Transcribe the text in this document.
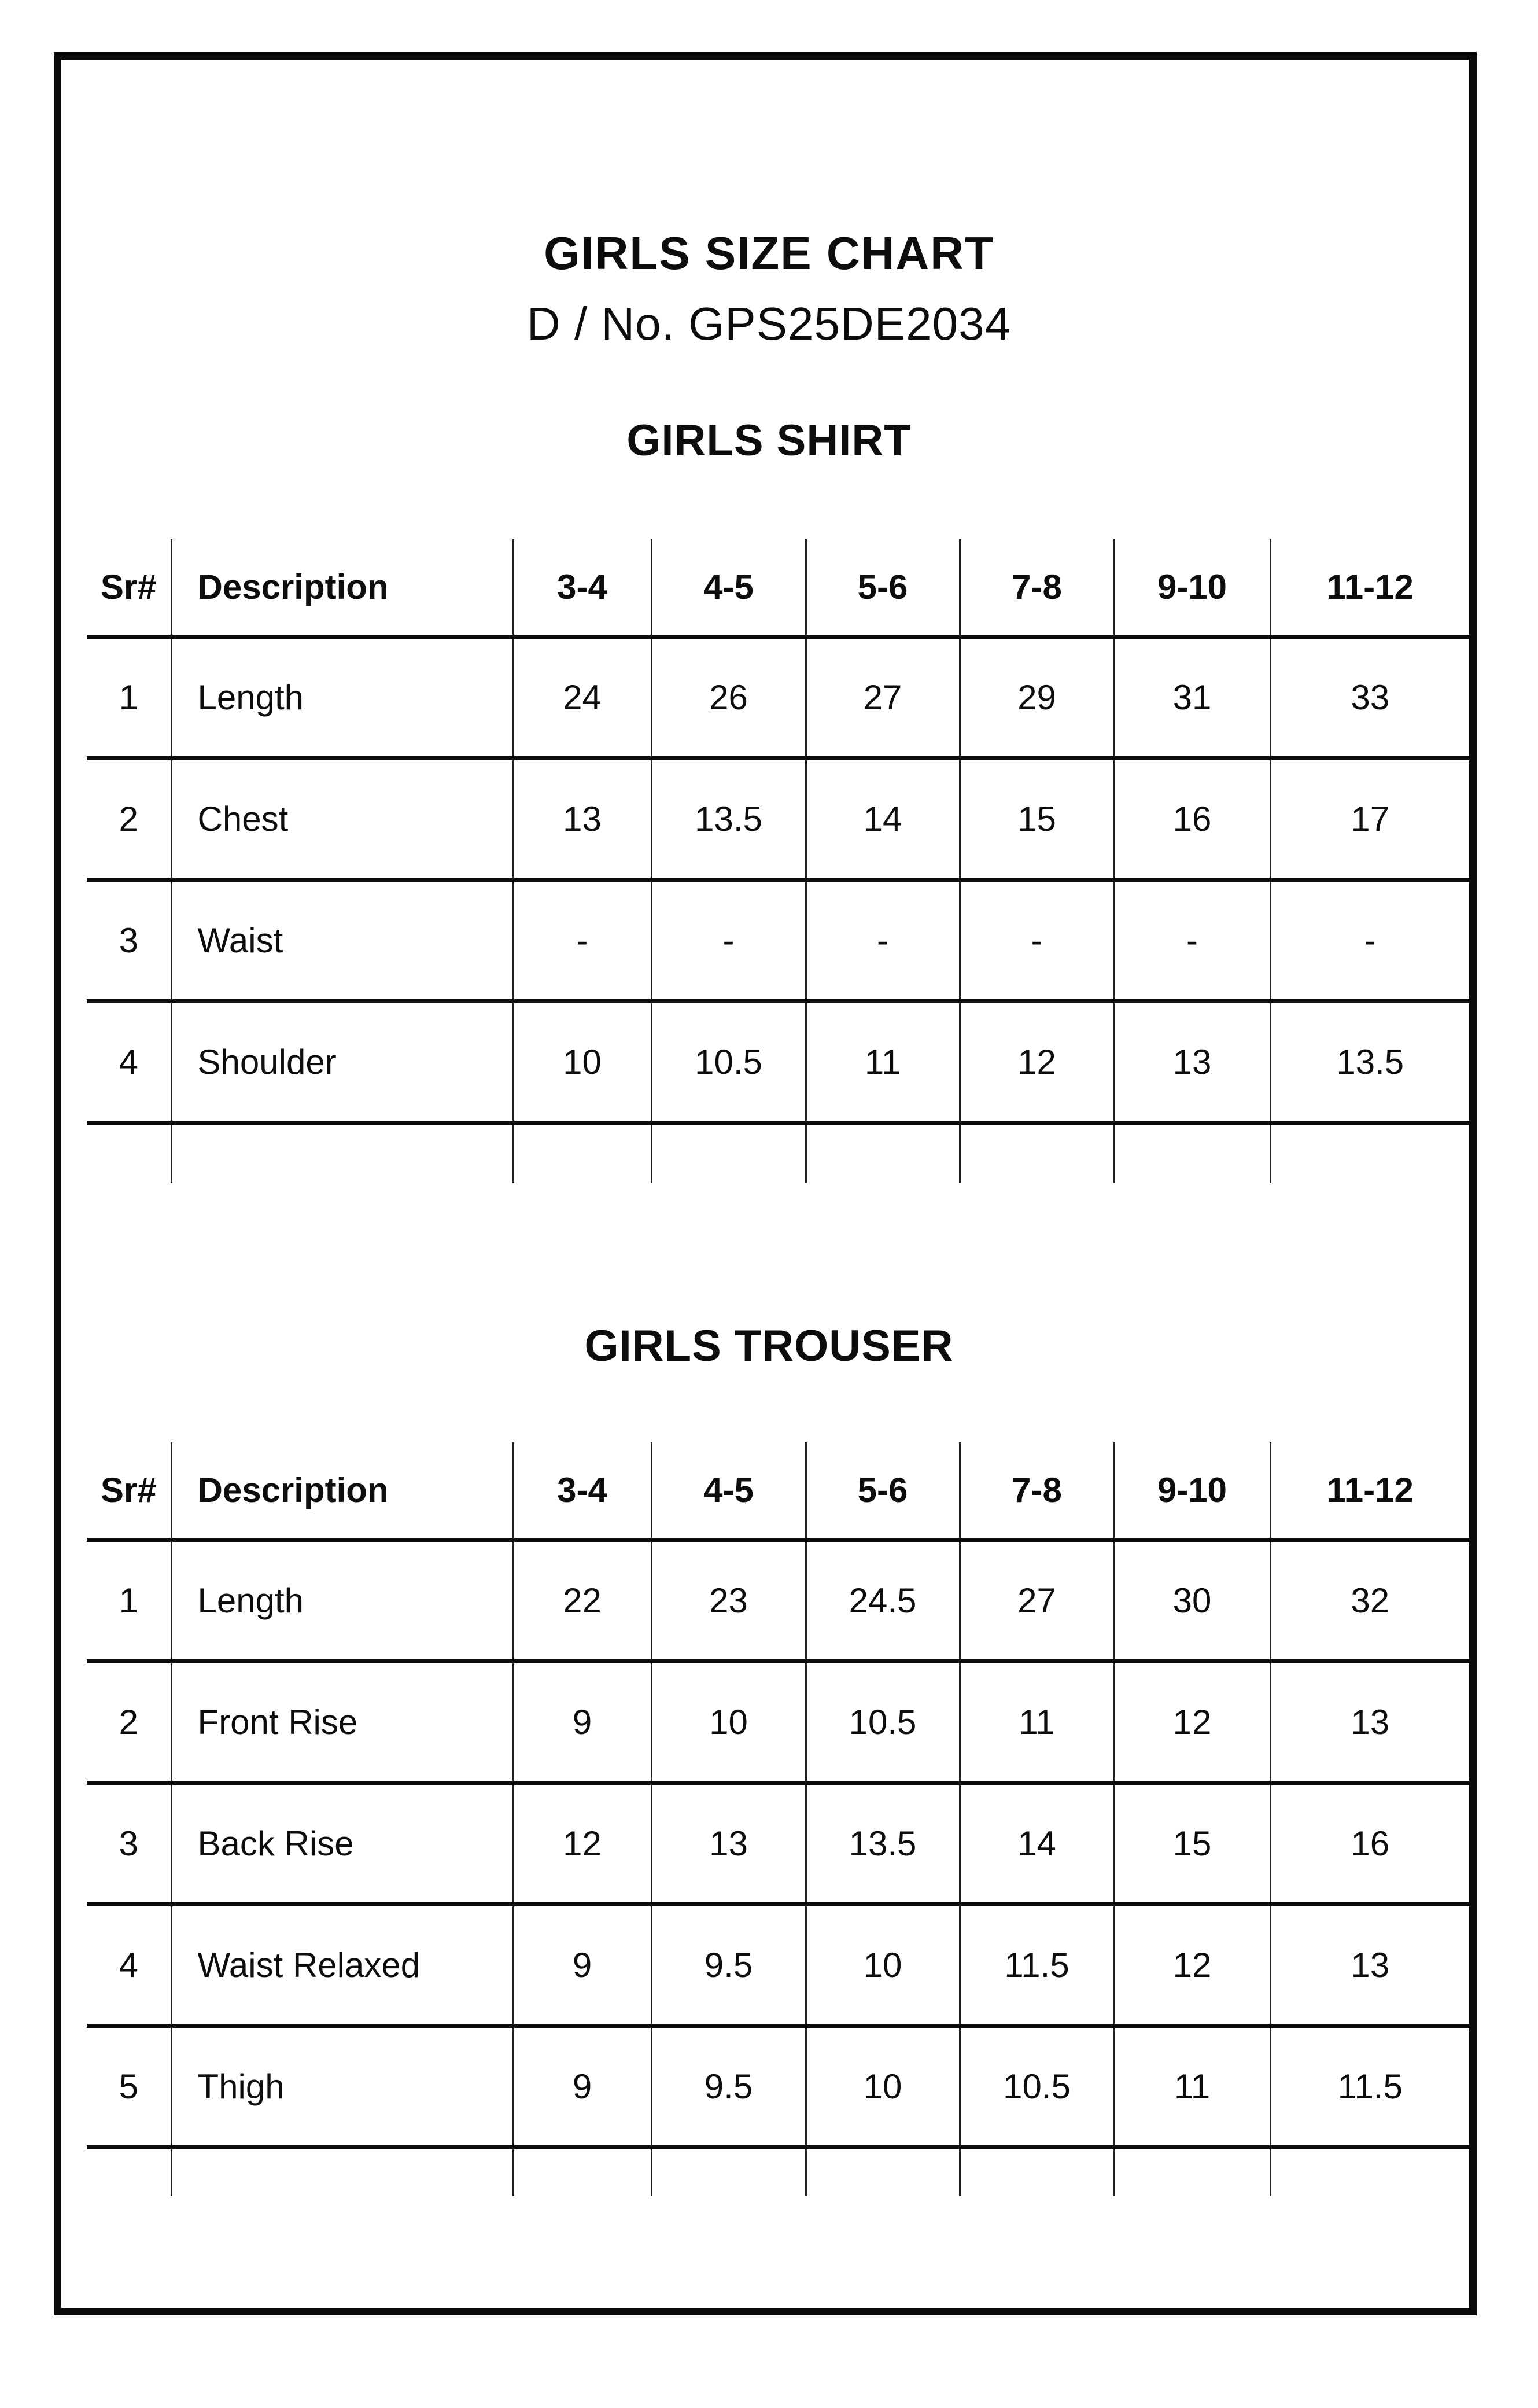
GIRLS SIZE CHART
D / No. GPS25DE2034
GIRLS SHIRT
Sr#	Description	3-4	4-5	5-6	7-8	9-10	11-12
1	Length	24	26	27	29	31	33
2	Chest	13	13.5	14	15	16	17
3	Waist	-	-	-	-	-	-
4	Shoulder	10	10.5	11	12	13	13.5

GIRLS TROUSER
Sr#	Description	3-4	4-5	5-6	7-8	9-10	11-12
1	Length	22	23	24.5	27	30	32
2	Front Rise	9	10	10.5	11	12	13
3	Back Rise	12	13	13.5	14	15	16
4	Waist Relaxed	9	9.5	10	11.5	12	13
5	Thigh	9	9.5	10	10.5	11	11.5
